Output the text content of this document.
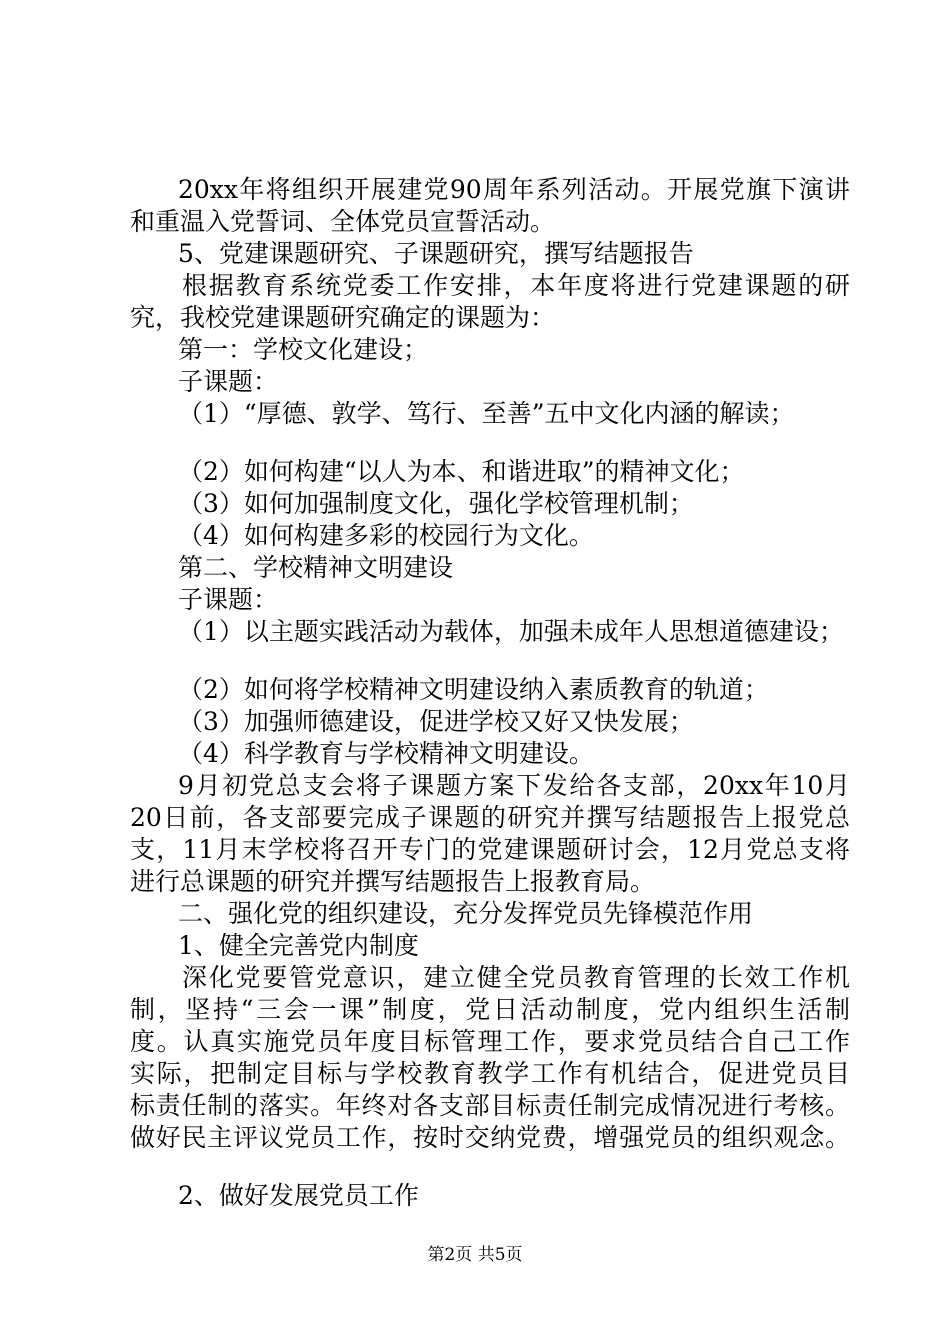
20xx年将组织开展建党90周年系列活动。开展党旗下演讲
和重温入党誓词、全体党员宣誓活动。
5、党建课题研究、子课题研究，撰写结题报告
根据教育系统党委工作安排，本年度将进行党建课题的研
究，我校党建课题研究确定的课题为：
第一：学校文化建设；
子课题：
（1）“厚德、敦学、笃行、至善”五中文化内涵的解读；
（2）如何构建“以人为本、和谐进取”的精神文化；
（3）如何加强制度文化，强化学校管理机制；
（4）如何构建多彩的校园行为文化。
第二、学校精神文明建设
子课题：
（1）以主题实践活动为载体，加强未成年人思想道德建设；
（2）如何将学校精神文明建设纳入素质教育的轨道；
（3）加强师德建设，促进学校又好又快发展；
（4）科学教育与学校精神文明建设。
9月初党总支会将子课题方案下发给各支部，20xx年10月
20日前，各支部要完成子课题的研究并撰写结题报告上报党总
支，11月末学校将召开专门的党建课题研讨会，12月党总支将
进行总课题的研究并撰写结题报告上报教育局。
二、强化党的组织建设，充分发挥党员先锋模范作用
1、健全完善党内制度
深化党要管党意识，建立健全党员教育管理的长效工作机
制，坚持“三会一课”制度，党日活动制度，党内组织生活制
度。认真实施党员年度目标管理工作，要求党员结合自己工作
实际，把制定目标与学校教育教学工作有机结合，促进党员目
标责任制的落实。年终对各支部目标责任制完成情况进行考核。
做好民主评议党员工作，按时交纳党费，增强党员的组织观念。
2、做好发展党员工作
第2页 共5页
